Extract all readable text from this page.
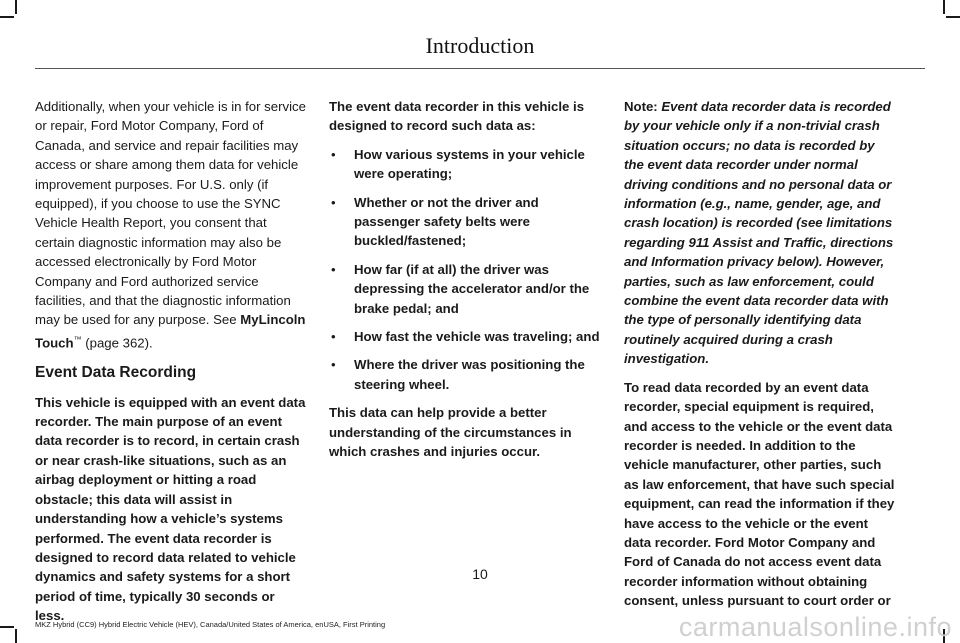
Introduction

Additionally, when your vehicle is in for service or repair, Ford Motor Company, Ford of Canada, and service and repair facilities may access or share among them data for vehicle improvement purposes. For U.S. only (if equipped), if you choose to use the SYNC Vehicle Health Report, you consent that certain diagnostic information may also be accessed electronically by Ford Motor Company and Ford authorized service facilities, and that the diagnostic information may be used for any purpose. See MyLincoln Touch™ (page 362).

Event Data Recording

This vehicle is equipped with an event data recorder. The main purpose of an event data recorder is to record, in certain crash or near crash-like situations, such as an airbag deployment or hitting a road obstacle; this data will assist in understanding how a vehicle’s systems performed. The event data recorder is designed to record data related to vehicle dynamics and safety systems for a short period of time, typically 30 seconds or less.

The event data recorder in this vehicle is designed to record such data as:

• How various systems in your vehicle were operating;
• Whether or not the driver and passenger safety belts were buckled/fastened;
• How far (if at all) the driver was depressing the accelerator and/or the brake pedal; and
• How fast the vehicle was traveling; and
• Where the driver was positioning the steering wheel.

This data can help provide a better understanding of the circumstances in which crashes and injuries occur.

Note: Event data recorder data is recorded by your vehicle only if a non-trivial crash situation occurs; no data is recorded by the event data recorder under normal driving conditions and no personal data or information (e.g., name, gender, age, and crash location) is recorded (see limitations regarding 911 Assist and Traffic, directions and Information privacy below). However, parties, such as law enforcement, could combine the event data recorder data with the type of personally identifying data routinely acquired during a crash investigation.

To read data recorded by an event data recorder, special equipment is required, and access to the vehicle or the event data recorder is needed. In addition to the vehicle manufacturer, other parties, such as law enforcement, that have such special equipment, can read the information if they have access to the vehicle or the event data recorder. Ford Motor Company and Ford of Canada do not access event data recorder information without obtaining consent, unless pursuant to court order or

10
MKZ Hybrid (CC9) Hybrid Electric Vehicle (HEV), Canada/United States of America, enUSA, First Printing	carmanualsonline.info
